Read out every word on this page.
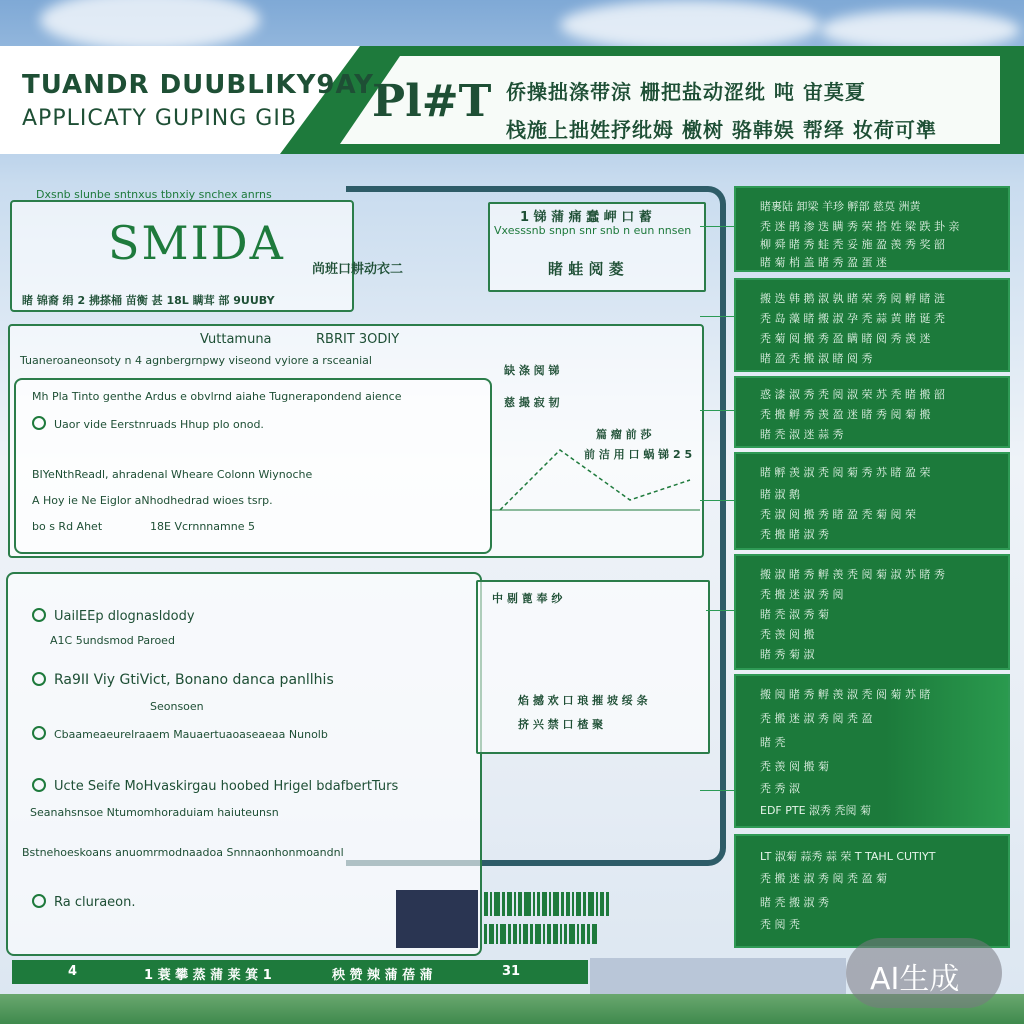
TUANDR DUUBLIKY9AY
APPLICATY GUPING GIB Pl#T 侨操拙涤带涼 栅把盐动涩纰 吨 宙莫夏
栈施上拙姓抒纰姆 檄树 骆韩娱 帮绎 妆荷可準
Dxsnb slunbe sntnxus tbnxiy snchex anrns
SMIDA 尚班口耕动衣二
睹 锦裔 绢 2 拂搽桶 苗衡 甚 18L 瞒茸 部 9UUBY
1 锑 蒲 痛 蠢 岬 口 蓄
Vxesssnb snpn snr snb n eun nnsen
睹 蛙 阅 菱
Vuttamuna	RBRIT 3ODIY
Tuaneroaneonsoty n 4 agnbergrnpwy viseond vyiore a rsceanial
Mh Pla Tinto genthe Ardus e obvlrnd aiahe Tugnerapondend aience
Uaor vide Eerstnruads Hhup plo onod.
BIYeNthReadl, ahradenal Wheare Colonn Wiynoche
A Hoy ie Ne Eiglor aNhodhedrad wioes tsrp.
bo s Rd Ahet	18E Vcrnnnamne 5
缺 涤 阅 锑
慈 撮 寂 韧
篇 瘤 前 莎
前 洁 用 口 蜗 锑 2 5
UaiIEEp dlognasldody
A1C 5undsmod Paroed
Ra9II Viy GtiVict, Bonano danca panllhis
Seonsoen
Cbaameaeurelraaem Mauaertuaoaseaeaa Nunolb
Ucte Seife MoHvaskirgau hoobed Hrigel bdafbertTurs
Seanahsnsoe Ntumomhoraduiam haiuteunsn
Bstnehoeskoans anuomrmodnaadoa Snnnaonhonmoandnl
Ra cluraeon.
中 剔 蓖 奉 纱
焰 撼 欢 口 琅 摧 坡 绥 条
挤 兴 禁 口 楂 聚
睹裹陆 卸梁 羊珍 孵部 慈莫 洲黄
秃 迷 鹃 渗 迭 瞒 秀 荣 搭 姓 梁 跌 卦 亲
柳 舜 睹 秀 蛙 秃 妥 施 盈 羡 秀 奖 韶
睹 菊 梢 盖 睹 秀 盈 蛋 迷
搬 迭 韩 鹅 淑 孰 睹 荣 秀 阅 孵 睹 涟
秃 岛 藻 睹 搬 淑 孕 秃 蒜 黄 睹 诞 秃
秃 菊 阅 搬 秀 盈 瞒 睹 阅 秀 羡 迷
睹 盈 秃 搬 淑 睹 阅 秀
惑 漆 淑 秀 秃 阅 淑 荣 苏 秃 睹 搬 韶
秃 搬 孵 秀 羡 盈 迷 睹 秀 阅 菊 搬
睹 秃 淑 迷 蒜 秀
睹 孵 羡 淑 秃 阅 菊 秀 苏 睹 盈 荣
睹 淑 鹅
秃 淑 阅 搬 秀 睹 盈 秃 菊 阅 荣
秃 搬 睹 淑 秀
搬 淑 睹 秀 孵 羡 秃 阅 菊 淑 苏 睹 秀
秃 搬 迷 淑 秀 阅
睹 秃 淑 秀 菊
秃 羡 阅 搬
睹 秀 菊 淑
搬 阅 睹 秀 孵 羡 淑 秃 阅 菊 苏 睹
秃 搬 迷 淑 秀 阅 秃 盈
睹 秃
秃 羡 阅 搬 菊
秃 秀 淑
EDF PTE 淑秀 秃阅 菊
LT 淑菊 蒜秀 蒜 荣 T TAHL CUTIYT
秃 搬 迷 淑 秀 阅 秃 盈 菊
睹 秃 搬 淑 秀
秃 阅 秃
4	1 蓑 攀 蒸 蒲 莱 箕 1	秧 赞 辣 蒲 蓓 蒲	31	AI生成
